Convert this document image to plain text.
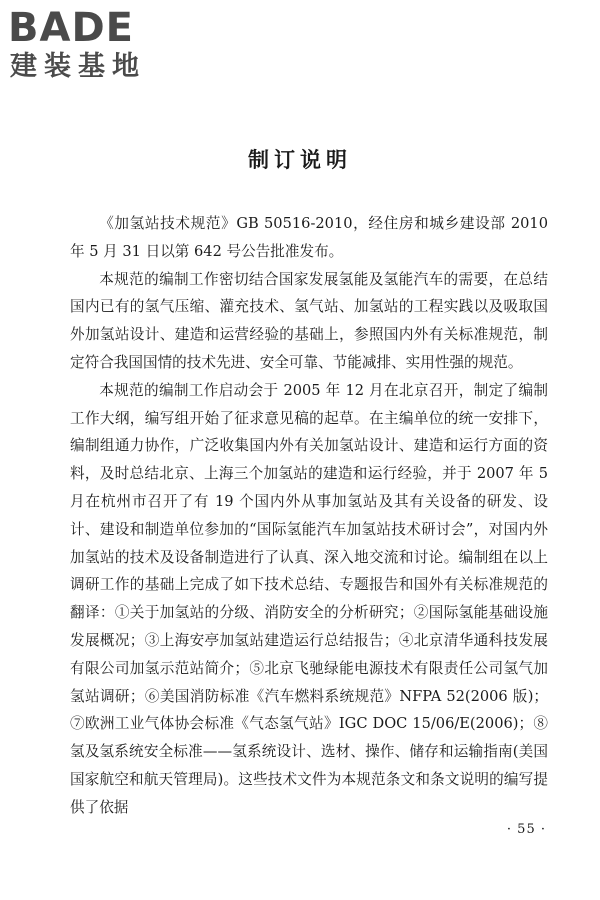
BADE
建装基地
制订说明

《加氢站技术规范》GB 50516-2010，经住房和城乡建设部 2010 年 5 月 31 日以第 642 号公告批准发布。

本规范的编制工作密切结合国家发展氢能及氢能汽车的需要，在总结国内已有的氢气压缩、灌充技术、氢气站、加氢站的工程实践以及吸取国外加氢站设计、建造和运营经验的基础上，参照国内外有关标准规范，制定符合我国国情的技术先进、安全可靠、节能减排、实用性强的规范。

本规范的编制工作启动会于 2005 年 12 月在北京召开，制定了编制工作大纲，编写组开始了征求意见稿的起草。在主编单位的统一安排下，编制组通力协作，广泛收集国内外有关加氢站设计、建造和运行方面的资料，及时总结北京、上海三个加氢站的建造和运行经验，并于 2007 年 5 月在杭州市召开了有 19 个国内外从事加氢站及其有关设备的研发、设计、建设和制造单位参加的“国际氢能汽车加氢站技术研讨会”，对国内外加氢站的技术及设备制造进行了认真、深入地交流和讨论。编制组在以上调研工作的基础上完成了如下技术总结、专题报告和国外有关标准规范的翻译：①关于加氢站的分级、消防安全的分析研究；②国际氢能基础设施发展概况；③上海安亭加氢站建造运行总结报告；④北京清华通科技发展有限公司加氢示范站简介；⑤北京飞驰绿能电源技术有限责任公司氢气加氢站调研；⑥美国消防标准《汽车燃料系统规范》NFPA 52(2006 版)；⑦欧洲工业气体协会标准《气态氢气站》IGC DOC 15/06/E(2006)；⑧氢及氢系统安全标准——氢系统设计、选材、操作、储存和运输指南(美国国家航空和航天管理局)。这些技术文件为本规范条文和条文说明的编写提供了依据

· 55 ·
